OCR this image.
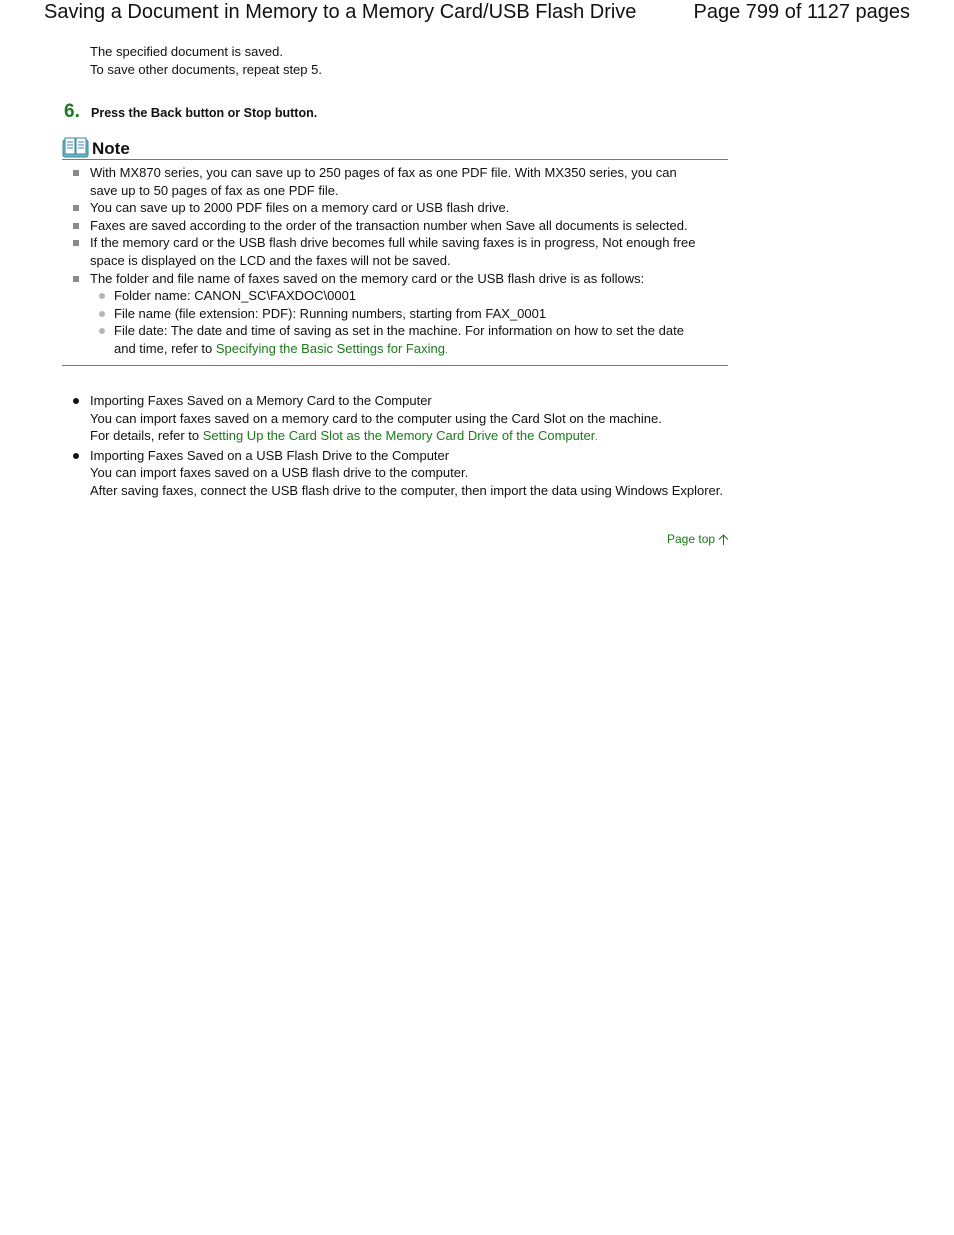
Saving a Document in Memory to a Memory Card/USB Flash Drive	Page 799 of 1127 pages
The specified document is saved.
To save other documents, repeat step 5.
6. Press the Back button or Stop button.
Note
With MX870 series, you can save up to 250 pages of fax as one PDF file. With MX350 series, you can save up to 50 pages of fax as one PDF file.
You can save up to 2000 PDF files on a memory card or USB flash drive.
Faxes are saved according to the order of the transaction number when Save all documents is selected.
If the memory card or the USB flash drive becomes full while saving faxes is in progress, Not enough free space is displayed on the LCD and the faxes will not be saved.
The folder and file name of faxes saved on the memory card or the USB flash drive is as follows:
Folder name: CANON_SC\FAXDOC\0001
File name (file extension: PDF): Running numbers, starting from FAX_0001
File date: The date and time of saving as set in the machine. For information on how to set the date and time, refer to Specifying the Basic Settings for Faxing.
Importing Faxes Saved on a Memory Card to the Computer
You can import faxes saved on a memory card to the computer using the Card Slot on the machine.
For details, refer to Setting Up the Card Slot as the Memory Card Drive of the Computer.
Importing Faxes Saved on a USB Flash Drive to the Computer
You can import faxes saved on a USB flash drive to the computer.
After saving faxes, connect the USB flash drive to the computer, then import the data using Windows Explorer.
Page top
